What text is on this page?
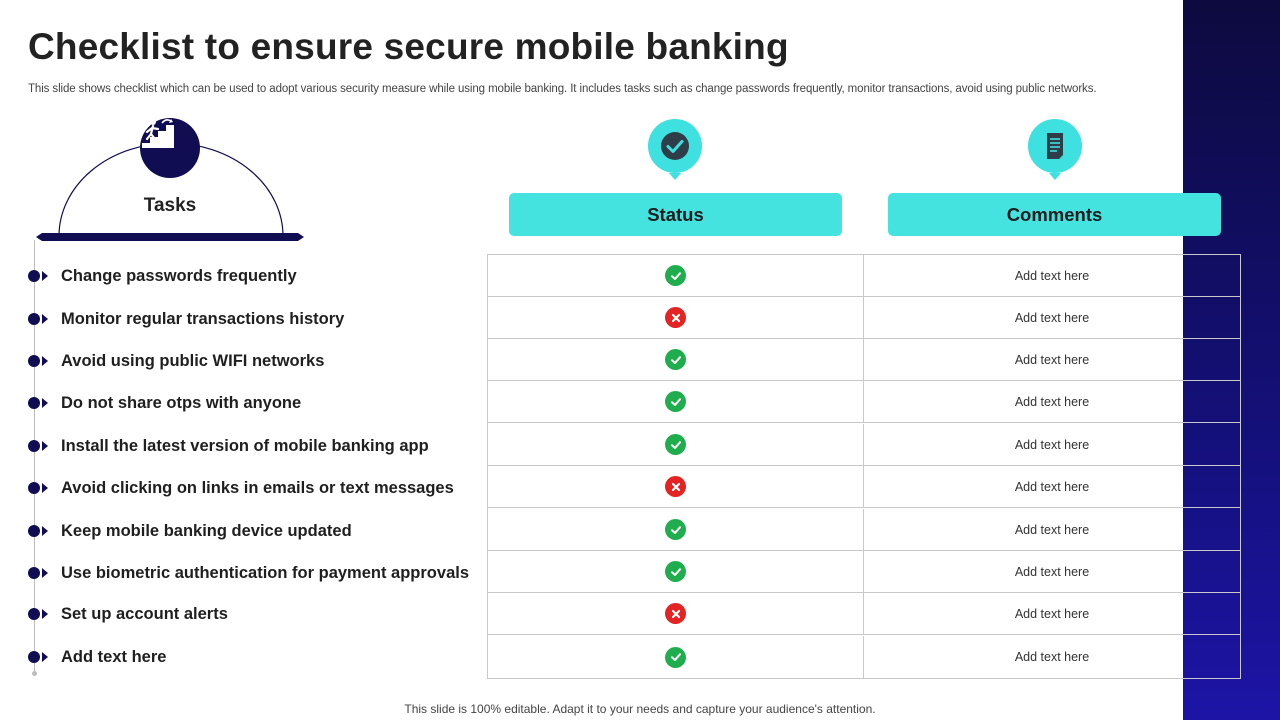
Checklist to ensure secure mobile banking

This slide shows checklist which can be used to adopt various security measure while using mobile banking. It includes tasks such as change passwords frequently, monitor transactions, avoid using public networks.

Tasks
Change passwords frequently
Monitor regular transactions history
Avoid using public WIFI networks
Do not share otps with anyone
Install the latest version of mobile banking app
Avoid clicking on links in emails or text messages
Keep mobile banking device updated
Use biometric authentication for payment approvals
Set up account alerts
Add text here
Status	Comments
Add text here
Add text here
Add text here
Add text here
Add text here
Add text here
Add text here
Add text here
Add text here
Add text here
This slide is 100% editable. Adapt it to your needs and capture your audience's attention.
